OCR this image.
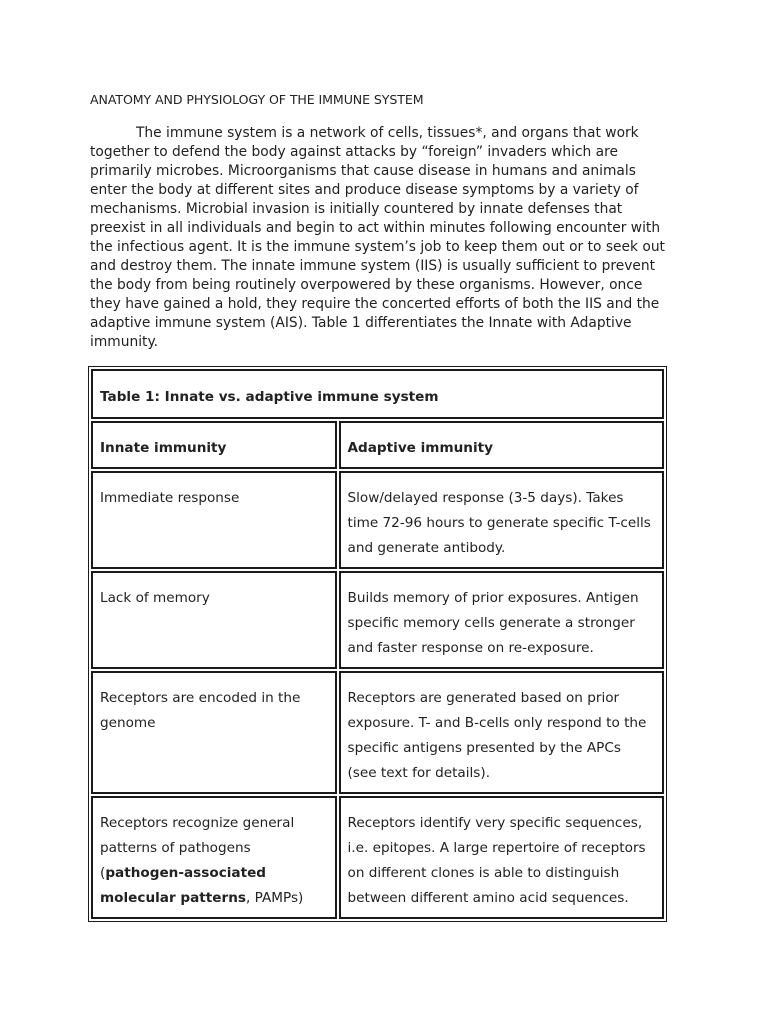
ANATOMY AND PHYSIOLOGY OF THE IMMUNE SYSTEM

The immune system is a network of cells, tissues*, and organs that work
together to defend the body against attacks by “foreign” invaders which are
primarily microbes. Microorganisms that cause disease in humans and animals
enter the body at different sites and produce disease symptoms by a variety of
mechanisms. Microbial invasion is initially countered by innate defenses that
preexist in all individuals and begin to act within minutes following encounter with
the infectious agent. It is the immune system’s job to keep them out or to seek out
and destroy them. The innate immune system (IIS) is usually sufficient to prevent
the body from being routinely overpowered by these organisms. However, once
they have gained a hold, they require the concerted efforts of both the IIS and the
adaptive immune system (AIS). Table 1 differentiates the Innate with Adaptive
immunity.

Table 1: Innate vs. adaptive immune system	
Innate immunity	Adaptive immunity

Immediate response	Slow/delayed response (3-5 days). Takes
time 72-96 hours to generate specific T-cells
and generate antibody.

Lack of memory	Builds memory of prior exposures. Antigen
specific memory cells generate a stronger
and faster response on re-exposure.

Receptors are encoded in the
genome	Receptors are generated based on prior
exposure. T- and B-cells only respond to the
specific antigens presented by the APCs
(see text for details).

Receptors recognize general
patterns of pathogens
(pathogen-associated
molecular patterns, PAMPs)	Receptors identify very specific sequences,
i.e. epitopes. A large repertoire of receptors
on different clones is able to distinguish
between different amino acid sequences.
